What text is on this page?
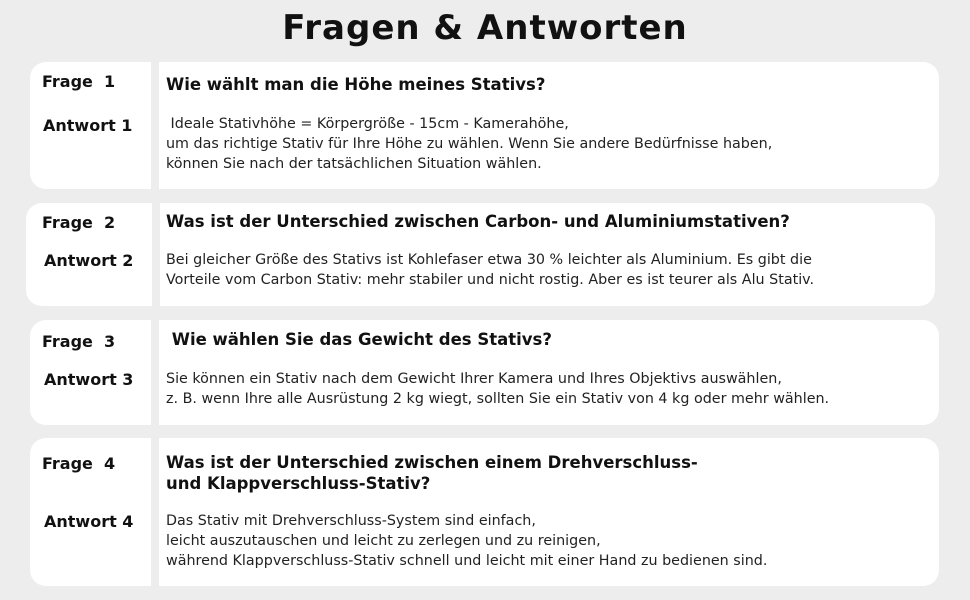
Fragen & Antworten
Frage  1
Antwort 1

Wie wählt man die Höhe meines Stativs?

Ideale Stativhöhe = Körpergröße - 15cm - Kamerahöhe,
um das richtige Stativ für Ihre Höhe zu wählen. Wenn Sie andere Bedürfnisse haben,
können Sie nach der tatsächlichen Situation wählen.

Frage  2
Antwort 2

Was ist der Unterschied zwischen Carbon- und Aluminiumstativen?

Bei gleicher Größe des Stativs ist Kohlefaser etwa 30 % leichter als Aluminium. Es gibt die
Vorteile vom Carbon Stativ: mehr stabiler und nicht rostig. Aber es ist teurer als Alu Stativ.

Frage  3
Antwort 3

Wie wählen Sie das Gewicht des Stativs?

Sie können ein Stativ nach dem Gewicht Ihrer Kamera und Ihres Objektivs auswählen,
z. B. wenn Ihre alle Ausrüstung 2 kg wiegt, sollten Sie ein Stativ von 4 kg oder mehr wählen.

Frage  4
Antwort 4

Was ist der Unterschied zwischen einem Drehverschluss-
und Klappverschluss-Stativ?

Das Stativ mit Drehverschluss-System sind einfach,
leicht auszutauschen und leicht zu zerlegen und zu reinigen,
während Klappverschluss-Stativ schnell und leicht mit einer Hand zu bedienen sind.
